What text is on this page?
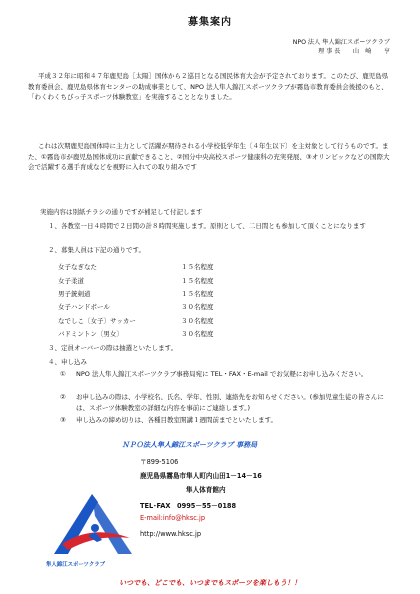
募集案内
NPO 法人 隼人錦江スポーツクラブ
理 事 長　　山　崎　　亨
平成３２年に昭和４７年鹿児島［太陽］国体から２巡目となる国民体育大会が予定されております。このたび、鹿児島県教育委員会、鹿児島県体育センターの助成事業として、NPO 法人隼人錦江スポーツクラブが霧島市教育委員会後援のもと、「わくわくちびっ子スポーツ体験教室」を実施することとなりました。
これは次期鹿児島国体時に主力として活躍が期待される小学校低学年生〔４年生以下〕を主対象として行うものです。また、①霧島市が鹿児島国体成功に貢献できること、②国分中央高校スポーツ健康科の充実発展、③オリンピックなどの国際大会で活躍する選手育成などを視野に入れての取り組みです
実施内容は別紙チラシの通りですが補足して付記します
１、各教室一日４時間で２日間の計８時間実施します。原則として、二日間とも参加して頂くことになります
２、募集人員は下記の通りです。
女子なぎなた	１５名程度
女子柔道	１５名程度
男子銃剣道	１５名程度
女子ハンドボール	３０名程度
なでしこ〔女子〕サッカー	３０名程度
バドミントン〔男女〕	３０名程度
３、定員オーバーの際は抽選といたします。
４、申し込み
① NPO 法人隼人錦江スポーツクラブ事務局宛に TEL・FAX・E-mail でお気軽にお申し込みください。
② お申し込みの際は、小学校名、氏名、学年、性別、連絡先をお知らせください。(参加児童生徒の皆さんには、スポーツ体験教室の詳細な内容を事前にご連絡します。)
③ 申し込みの締め切りは、各種目教室開講１週間前までといたします。
隼人錦江スポーツクラブ
ＮＰＯ法人隼人錦江スポーツクラブ 事務局
〒899-5106
鹿児島県霧島市隼人町内山田1－14－16
隼人体育館内
TEL･FAX　0995－55－0188
E-mail:info@hksc.jp
http://www.hksc.jp
いつでも、どこでも、いつまでもスポーツを楽しもう！！
